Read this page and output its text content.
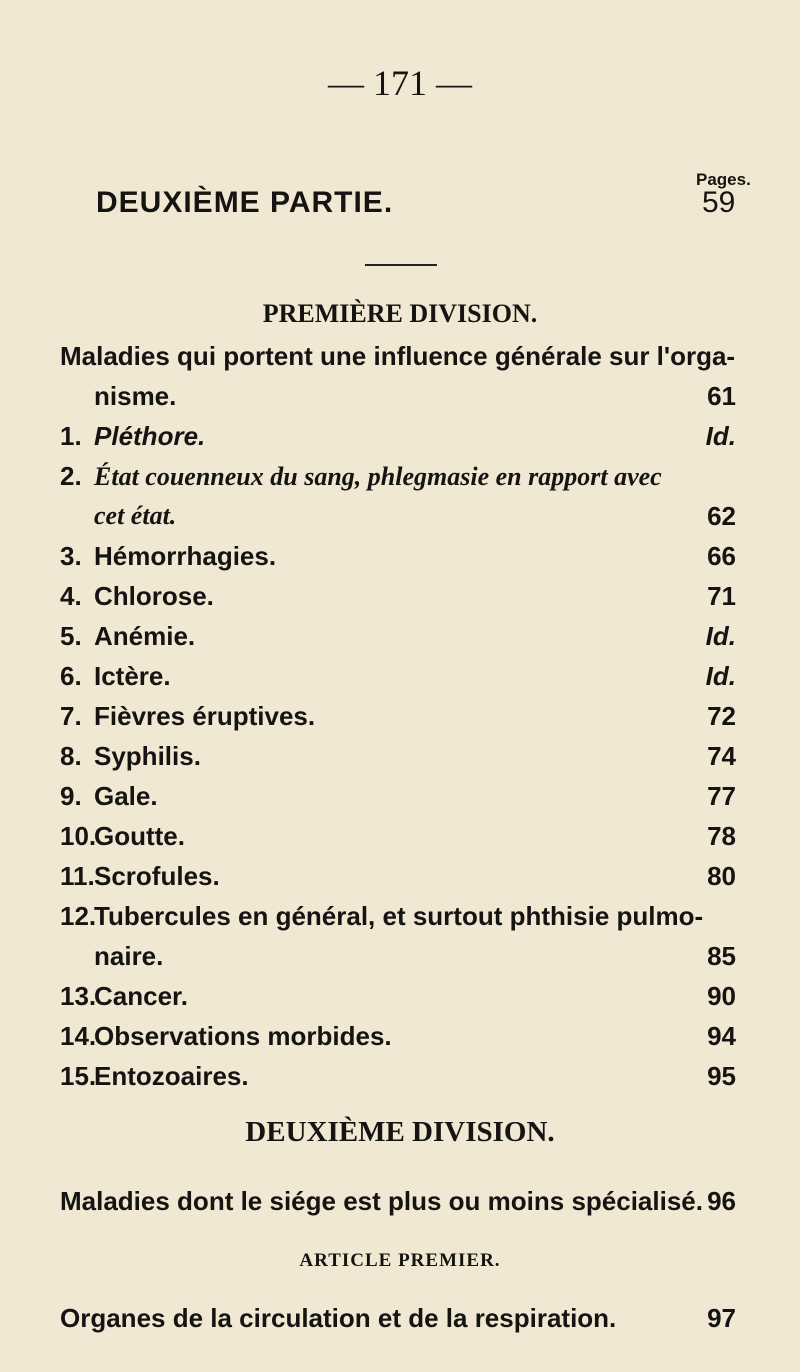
— 171 —
Pages.
DEUXIÈME PARTIE.	59
PREMIÈRE DIVISION.
Maladies qui portent une influence générale sur l'orga-
nisme.	61
1. Pléthore.	Id.
2. État couenneux du sang, phlegmasie en rapport avec
cet état.	62
3. Hémorrhagies.	66
4. Chlorose.	71
5. Anémie.	Id.
6. Ictère.	Id.
7. Fièvres éruptives.	72
8. Syphilis.	74
9. Gale.	77
10.Goutte.	78
11.Scrofules.	80
12.Tubercules en général, et surtout phthisie pulmo-
naire.	85
13.Cancer.	90
14.Observations morbides.	94
15.Entozoaires.	95
DEUXIÈME DIVISION.
Maladies dont le siége est plus ou moins spécialisé. 96
ARTICLE PREMIER.
Organes de la circulation et de la respiration.	97
